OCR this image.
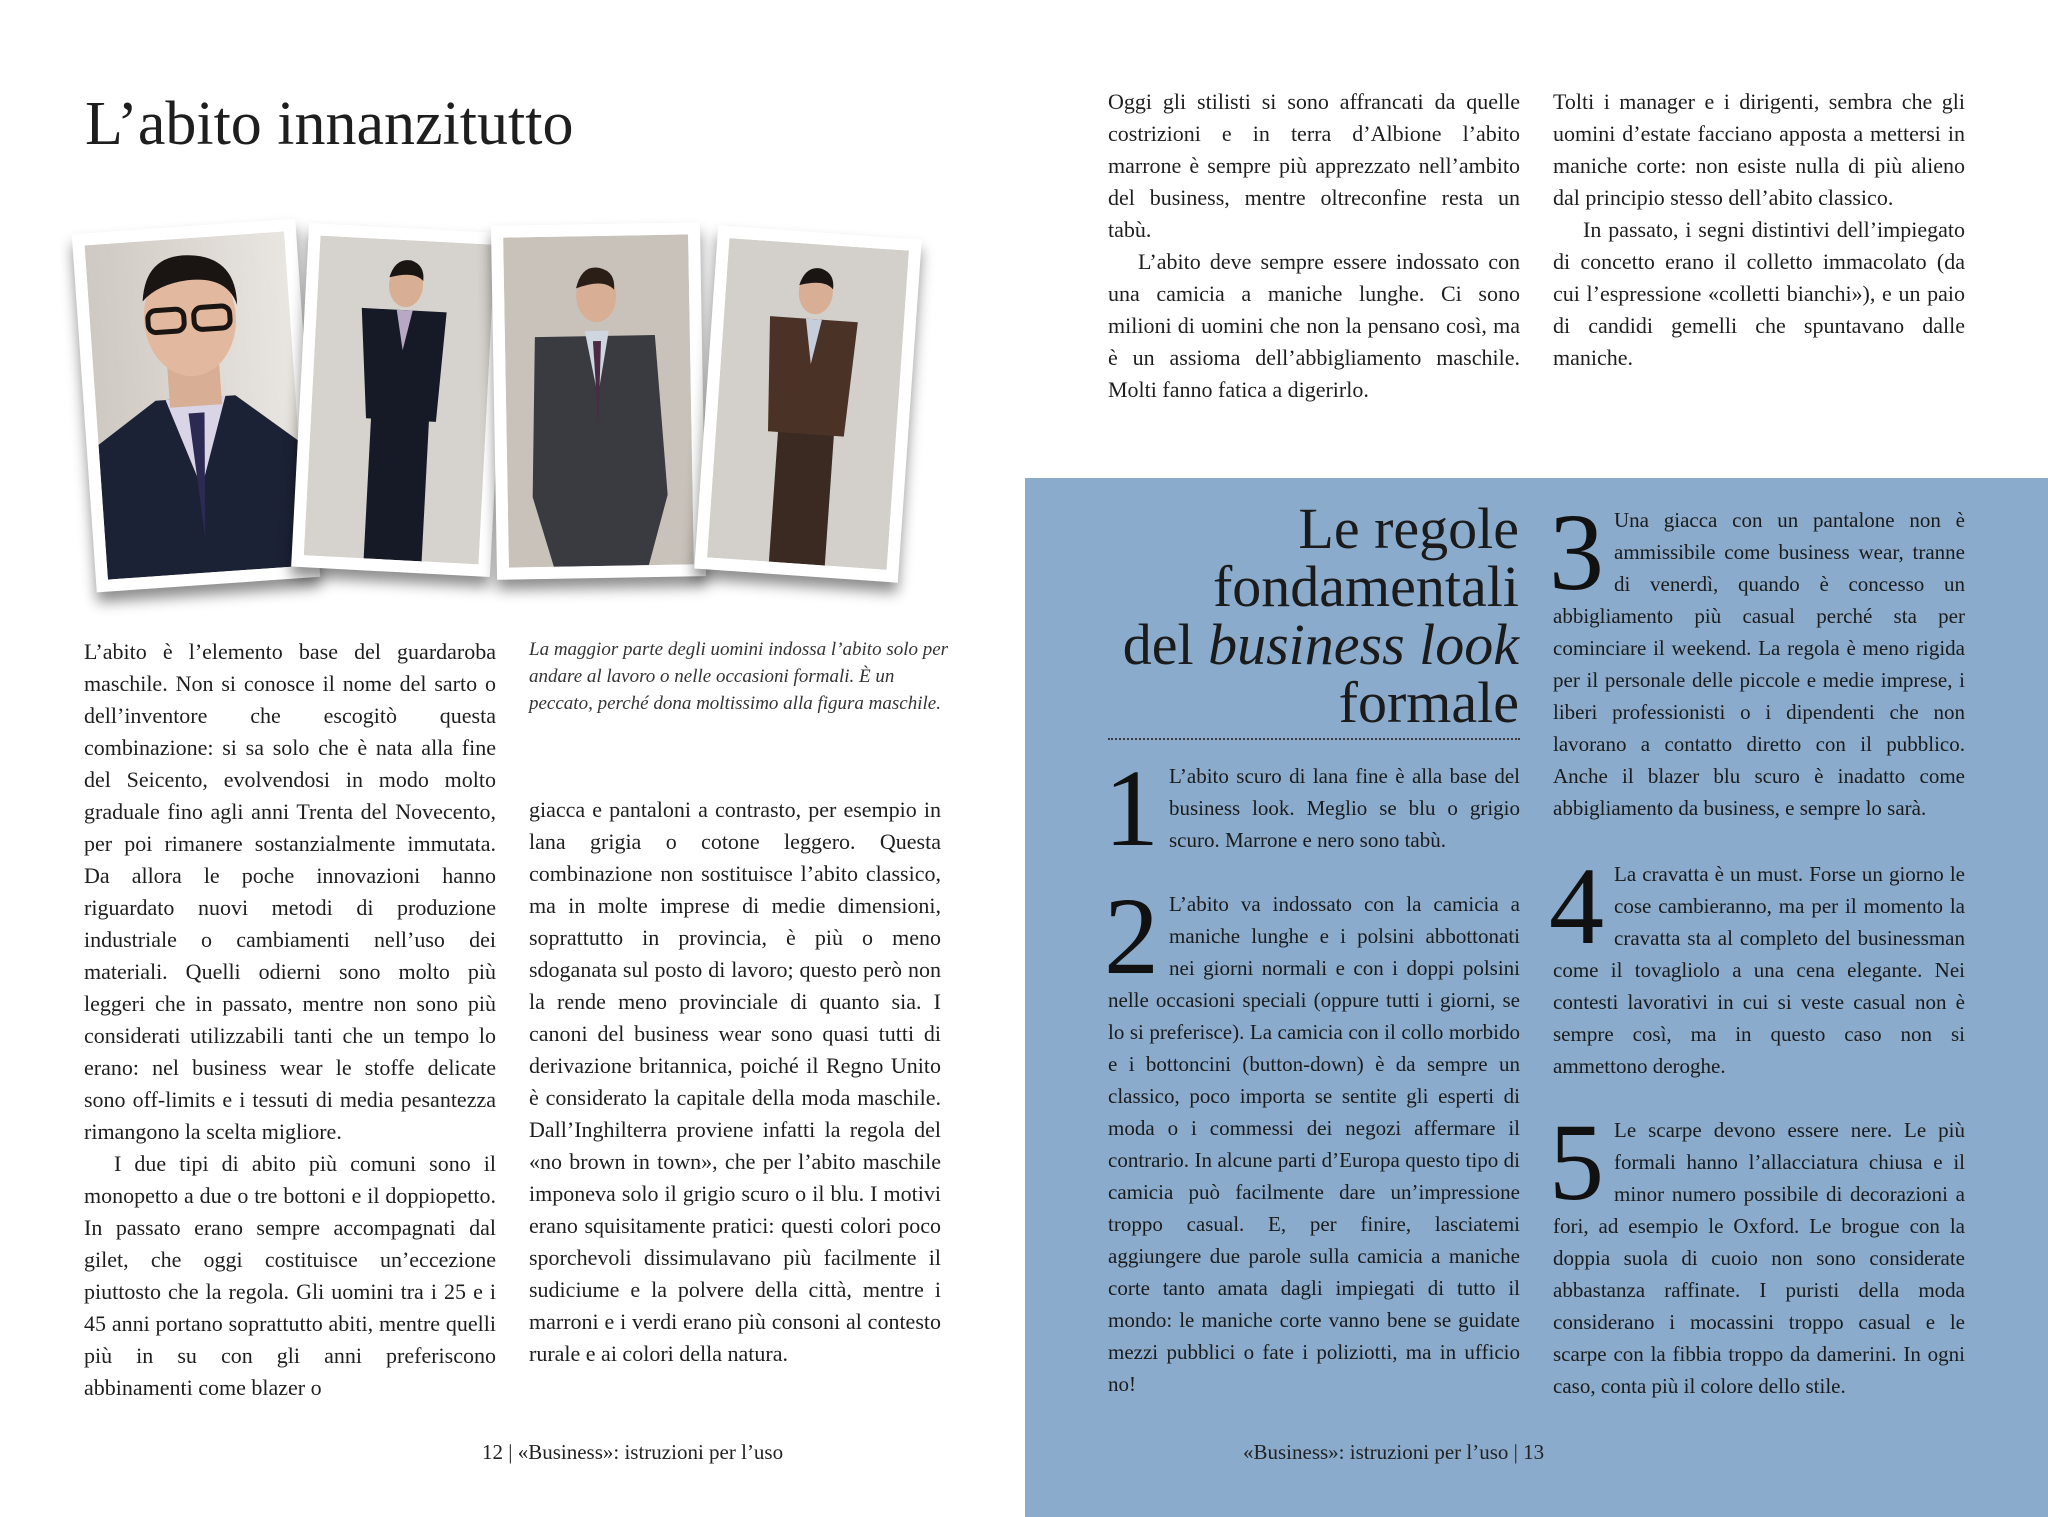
L’abito innanzitutto

L’abito è l’elemento base del guardaroba maschile. Non si conosce il nome del sarto o dell’inventore che escogitò questa combinazione: si sa solo che è nata alla fine del Seicento, evolvendosi in modo molto graduale fino agli anni Trenta del Novecento, per poi rimanere sostanzialmente immutata. Da allora le poche innovazioni hanno riguardato nuovi metodi di produzione industriale o cambiamenti nell’uso dei materiali. Quelli odierni sono molto più leggeri che in passato, mentre non sono più considerati utilizzabili tanti che un tempo lo erano: nel business wear le stoffe delicate sono off-limits e i tessuti di media pesantezza rimangono la scelta migliore.

I due tipi di abito più comuni sono il monopetto a due o tre bottoni e il doppiopetto. In passato erano sempre accompagnati dal gilet, che oggi costituisce un’eccezione piuttosto che la regola. Gli uomini tra i 25 e i 45 anni portano soprattutto abiti, mentre quelli più in su con gli anni preferiscono abbinamenti come blazer o

La maggior parte degli uomini indossa l’abito solo per andare al lavoro o nelle occasioni formali. È un peccato, perché dona moltissimo alla figura maschile.

giacca e pantaloni a contrasto, per esempio in lana grigia o cotone leggero. Questa combinazione non sostituisce l’abito classico, ma in molte imprese di medie dimensioni, soprattutto in provincia, è più o meno sdoganata sul posto di lavoro; questo però non la rende meno provinciale di quanto sia. I canoni del business wear sono quasi tutti di derivazione britannica, poiché il Regno Unito è considerato la capitale della moda maschile. Dall’Inghilterra proviene infatti la regola del «no brown in town», che per l’abito maschile imponeva solo il grigio scuro o il blu. I motivi erano squisitamente pratici: questi colori poco sporchevoli dissimulavano più facilmente il sudiciume e la polvere della città, mentre i marroni e i verdi erano più consoni al contesto rurale e ai colori della natura.

12 | «Business»: istruzioni per l’uso

Oggi gli stilisti si sono affrancati da quelle costrizioni e in terra d’Albione l’abito marrone è sempre più apprezzato nell’ambito del business, mentre oltreconfine resta un tabù.

L’abito deve sempre essere indossato con una camicia a maniche lunghe. Ci sono milioni di uomini che non la pensano così, ma è un assioma dell’abbigliamento maschile. Molti fanno fatica a digerirlo.

Tolti i manager e i dirigenti, sembra che gli uomini d’estate facciano apposta a mettersi in maniche corte: non esiste nulla di più alieno dal principio stesso dell’abito classico.

In passato, i segni distintivi dell’impiegato di concetto erano il colletto immacolato (da cui l’espressione «colletti bianchi»), e un paio di candidi gemelli che spuntavano dalle maniche.

Le regole
fondamentali
del business look
formale
1 L’abito scuro di lana fine è alla base del business look. Meglio se blu o grigio scuro. Marrone e nero sono tabù.
2 L’abito va indossato con la camicia a maniche lunghe e i polsini abbottonati nei giorni normali e con i doppi polsini nelle occasioni speciali (oppure tutti i giorni, se lo si preferisce). La camicia con il collo morbido e i bottoncini (button-down) è da sempre un classico, poco importa se sentite gli esperti di moda o i commessi dei negozi affermare il contrario. In alcune parti d’Europa questo tipo di camicia può facilmente dare un’impressione troppo casual. E, per finire, lasciatemi aggiungere due parole sulla camicia a maniche corte tanto amata dagli impiegati di tutto il mondo: le maniche corte vanno bene se guidate mezzi pubblici o fate i poliziotti, ma in ufficio no!
3 Una giacca con un pantalone non è ammissibile come business wear, tranne di venerdì, quando è concesso un abbigliamento più casual perché sta per cominciare il weekend. La regola è meno rigida per il personale delle piccole e medie imprese, i liberi professionisti o i dipendenti che non lavorano a contatto diretto con il pubblico. Anche il blazer blu scuro è inadatto come abbigliamento da business, e sempre lo sarà.
4 La cravatta è un must. Forse un giorno le cose cambieranno, ma per il momento la cravatta sta al completo del businessman come il tovagliolo a una cena elegante. Nei contesti lavorativi in cui si veste casual non è sempre così, ma in questo caso non si ammettono deroghe.
5 Le scarpe devono essere nere. Le più formali hanno l’allacciatura chiusa e il minor numero possibile di decorazioni a fori, ad esempio le Oxford. Le brogue con la doppia suola di cuoio non sono considerate abbastanza raffinate. I puristi della moda considerano i mocassini troppo casual e le scarpe con la fibbia troppo da damerini. In ogni caso, conta più il colore dello stile.
«Business»: istruzioni per l’uso | 13
